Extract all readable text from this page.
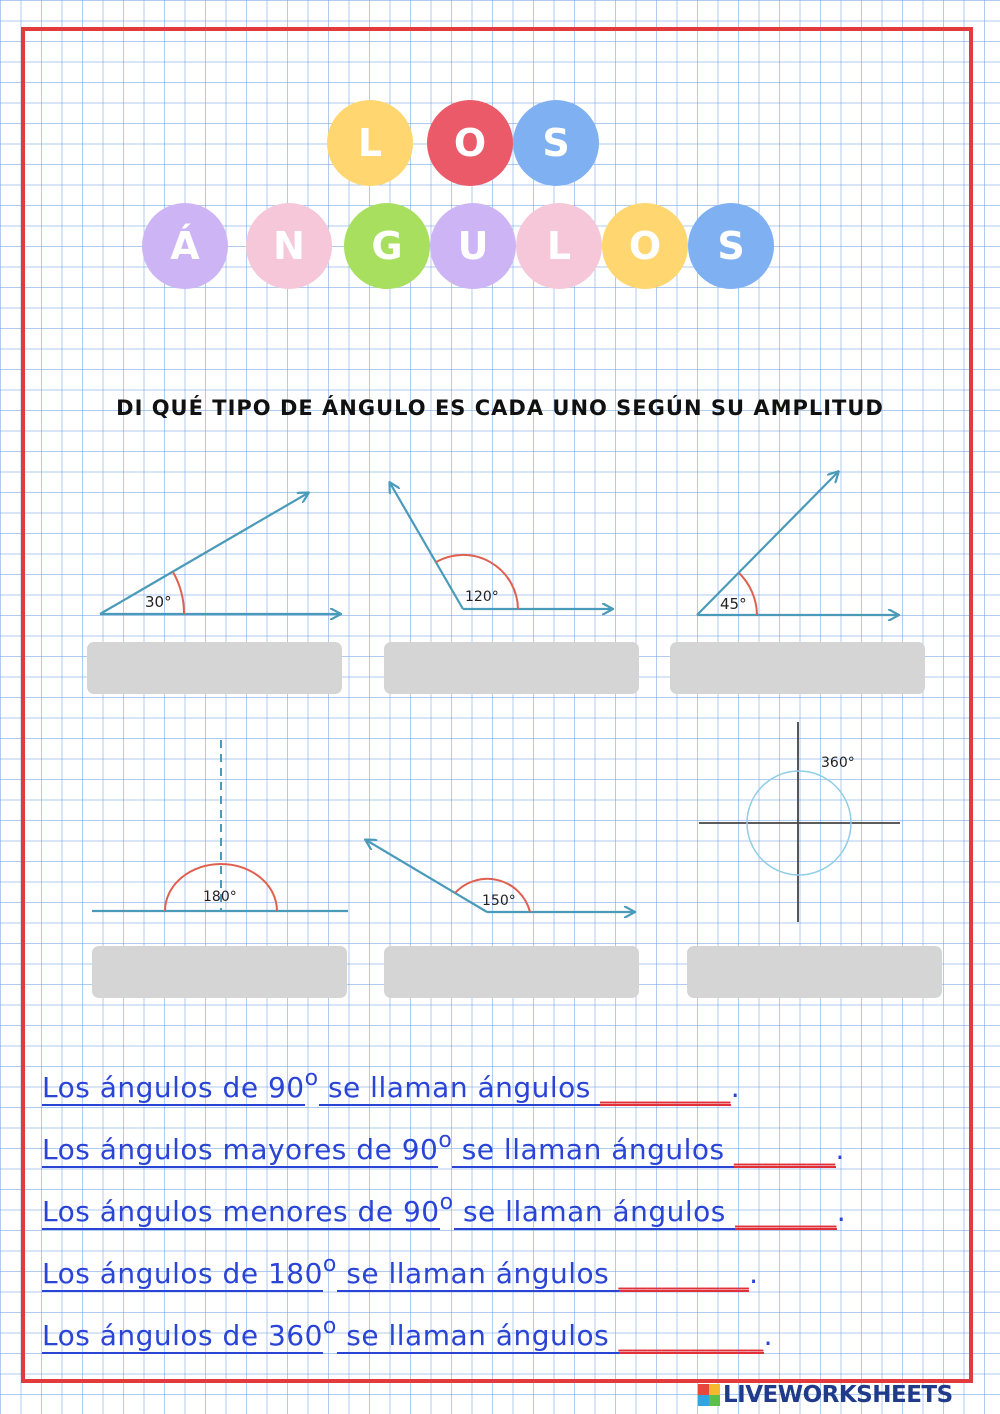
L	O	S
Á	N	G	U	L	O	S
DI QUÉ TIPO DE ÁNGULO ES CADA UNO SEGÚN SU AMPLITUD
30°	120°	45°
180°	150°
360°
Los ángulos de 90$^o$ se llaman ángulos _________.
Los ángulos mayores de 90$^o$ se llaman ángulos _______.
Los ángulos menores de 90$^o$ se llaman ángulos _______.
Los ángulos de 180$^o$ se llaman ángulos _________.
Los ángulos de 360$^o$ se llaman ángulos __________.
LIVEWORKSHEETS
